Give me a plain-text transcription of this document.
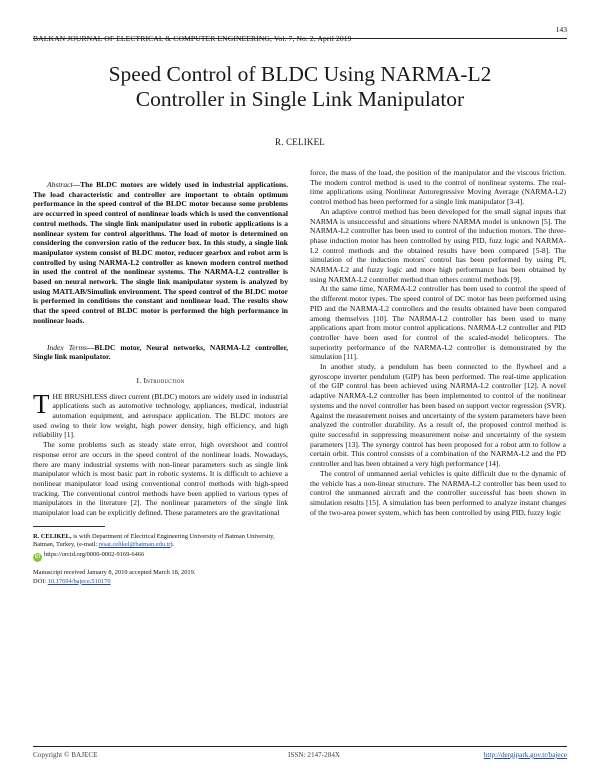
BALKAN JOURNAL OF ELECTRICAL & COMPUTER ENGINEERING, Vol. 7, No. 2, April 2019
143
Speed Control of BLDC Using NARMA-L2
Controller in Single Link Manipulator
R. CELIKEL

Abstract—The BLDC motors are widely used in industrial applications. The load characteristic and controller are important to obtain optimum performance in the speed control of the BLDC motor because some problems are occurred in speed control of nonlinear loads which is used the conventional control methods. The single link manipulator used in robotic applications is a nonlinear system for control algorithms. The load of motor is determined on considering the conversion ratio of the reducer box. In this study, a single link manipulator system consist of BLDC motor, reducer gearbox and robot arm is controlled by using NARMA-L2 controller as known modern control method in used the control of the nonlinear systems. The NARMA-L2 controller is based on neural network. The single link manipulator system is analyzed by using MATLAB/Simulink environment. The speed control of the BLDC motor is performed in conditions the constant and nonlinear load. The results show that the speed control of BLDC motor is performed the high performance in nonlinear loads.

Index Terms—BLDC motor, Neural networks, NARMA-L2 controller, Single link manipulator.

I. Introduction

THE BRUSHLESS direct current (BLDC) motors are widely used in industrial applications such as automotive technology, appliances, medical, industrial automation equipment, and aerospace application. The BLDC motors are used owing to their low weight, high power density, high efficiency, and high reliability [1].

The some problems such as steady state error, high overshoot and control response error are occurs in the speed control of the nonlinear loads. Nowadays, there are many industrial systems with non-linear parameters such as single link manipulator which is most basic part in robotic systems. It is difficult to achieve a nonlinear manipulator load using conventional control methods with high-speed tracking. The conventional control methods have been applied to various types of manipulators in the literature [2]. The nonlinear parameters of the single link manipulator load can be explicitly defined. These parameters are the gravitational

R. CELIKEL, is with Department of Electrical Engineering University of Batman University, Batman, Turkey, (e-mail: resat.celikel@batman.edu.tr).

iD https://orcid.org/0000-0002-9169-6466

Manuscript received January 8, 2019 accepted March 18, 2019.

DOI: 10.17694/bajece.510170

force, the mass of the load, the position of the manipulator and the viscous friction. The modern control method is used to the control of nonlinear systems. The real-time applications using Nonlinear Autoregressive Moving Average (NARMA-L2) control method has been performed for a single link manipulator [3-4].

An adaptive control method has been developed for the small signal inputs that NARMA is unsuccessful and situations where NARMA model is unknown [5]. The NARMA-L2 controller has been used to control of the induction motors. The three-phase induction motor has been controlled by using PID, fuzz logic and NARMA-L2 control methods and the obtained results have been compared [5-8]. The simulation of the induction motors' control has been performed by using PI, NARMA-L2 and fuzzy logic and more high performance has been obtained by using NARMA-L2 controller method than others control methods [9].

At the same time, NARMA-L2 controller has been used to control the speed of the different motor types. The speed control of DC motor has been performed using PID and the NARMA-L2 controllers and the results obtained have been compared among themselves [10]. The NARMA-L2 controller has been used to many applications apart from motor control applications. NARMA-L2 controller and PID controller have been used for control of the scaled-model helicopters. The superiority performance of the NARMA-L2 controller is demonstrated by the simulation [11].

In another study, a pendulum has been connected to the flywheel and a gyroscope inverter pendulum (GIP) has been performed. The real-time application of the GIP control has been achieved using NARMA-L2 controller [12]. A novel adaptive NARMA-L2 controller has been implemented to control of the nonlinear systems and the novel controller has been based on support vector regression (SVR). Against the measurement noises and uncertainty of the system parameters have been analyzed the controller durability. As a result of, the proposed control method is quite successful in suppressing measurement noise and uncertainty of the system parameters [13]. The synergy control has been proposed for a robot arm to follow a certain orbit. This control consists of a combination of the NARMA-L2 and the PD controller and has been obtained a very high performance [14].

The control of unmanned aerial vehicles is quite difficult due to the dynamic of the vehicle has a non-linear structure. The NARMA-L2 controller has been used to control the unmanned aircraft and the controller successful has been shown in simulation results [15]. A simulation has been performed to analyze instant changes of the two-area power system, which has been controlled by using PID, fuzzy logic

Copyright © BAJECE	ISSN: 2147-284X	http://dergipark.gov.tr/bajece
